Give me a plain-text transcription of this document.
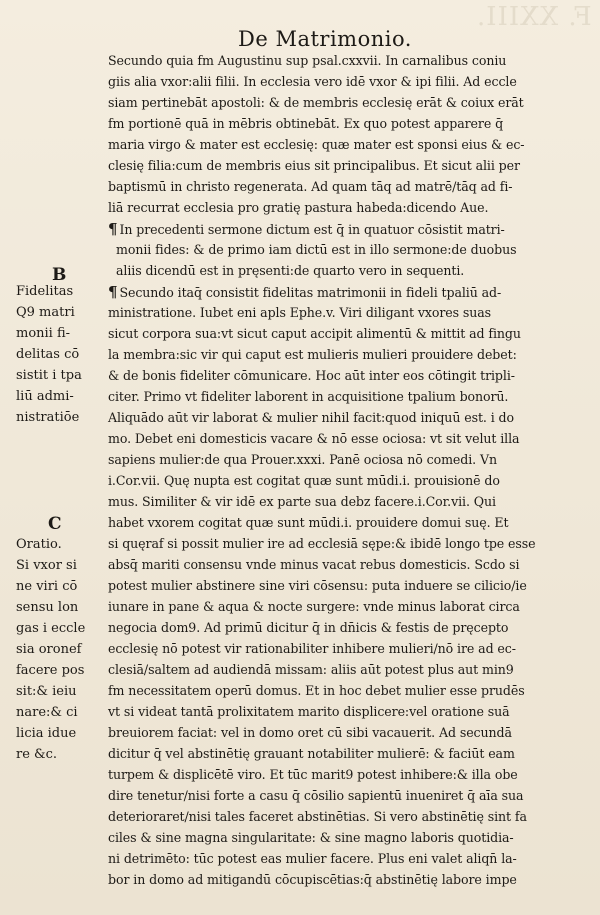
F. XXIII.
De Matrimonio.
Secundo quia fm Augustinu sup psal.cxxvii. In carnalibus coniu
giis alia vxor:alii filii. In ecclesia vero idē vxor & ipi filii. Ad eccle
siam pertinebāt apostoli: & de membris ecclesię erāt & coiux erāt
fm portionē quā in mēbris obtinebāt. Ex quo potest apparere q̄
maria virgo & mater est ecclesię: quæ mater est sponsi eius & ec-
clesię filia:cum de membris eius sit principalibus. Et sicut alii per
baptismū in christo regenerata. Ad quam tāq ad matrē/tāq ad fi-
liā recurrat ecclesia pro gratię pastura habeda:dicendo Aue.
¶ In precedenti sermone dictum est q̄ in quatuor cōsistit matri-
monii fides: & de primo iam dictū est in illo sermone:de duobus
aliis dicendū est in pręsenti:de quarto vero in sequenti.
¶ Secundo itaq̄ consistit fidelitas matrimonii in fideli tpaliū ad-
ministratione. Iubet eni apls Ephe.v. Viri diligant vxores suas
sicut corpora sua:vt sicut caput accipit alimentū & mittit ad fingu
la membra:sic vir qui caput est mulieris mulieri prouidere debet:
& de bonis fideliter cōmunicare. Hoc aūt inter eos cōtingit tripli-
citer. Primo vt fideliter laborent in acquisitione tpalium bonorū.
Aliquādo aūt vir laborat & mulier nihil facit:quod iniquū est. i do
mo. Debet eni domesticis vacare & nō esse ociosa: vt sit velut illa
sapiens mulier:de qua Prouer.xxxi. Panē ociosa nō comedi. Vn
i.Cor.vii. Quę nupta est cogitat quæ sunt mūdi.i. prouisionē do
mus. Similiter & vir idē ex parte sua debz facere.i.Cor.vii. Qui
habet vxorem cogitat quæ sunt mūdi.i. prouidere domui suę. Et
si quęraf si possit mulier ire ad ecclesiā sępe:& ibidē longo tpe esse
absq̄ mariti consensu vnde minus vacat rebus domesticis. Scdo si
potest mulier abstinere sine viri cōsensu: puta induere se cilicio/ie
iunare in pane & aqua & nocte surgere: vnde minus laborat circa
negocia dom9. Ad primū dicitur q̄ in dn̄icis & festis de pręcepto
ecclesię nō potest vir rationabiliter inhibere mulieri/nō ire ad ec-
clesiā/saltem ad audiendā missam: aliis aūt potest plus aut min9
fm necessitatem operū domus. Et in hoc debet mulier esse prudēs
vt si videat tantā prolixitatem marito displicere:vel oratione suā
breuiorem faciat: vel in domo oret cū sibi vacauerit. Ad secundā
dicitur q̄ vel abstinētię grauant notabiliter mulierē: & faciūt eam
turpem & displicētē viro. Et tūc marit9 potest inhibere:& illa obe
dire tenetur/nisi forte a casu q̄ cōsilio sapientū inueniret q̄ aīa sua
deterioraret/nisi tales faceret abstinētias. Si vero abstinētię sint fa
ciles & sine magna singularitate: & sine magno laboris quotidia-
ni detrimēto: tūc potest eas mulier facere. Plus eni valet aliqn̄ la-
bor in domo ad mitigandū cōcupiscētias:q̄ abstinētię labore impe
B
Fidelitas
Q9 matri
monii fi-
delitas cō
sistit i tpa
liū admi-
nistratiōe
C
Oratio.
Si vxor si
ne viri cō
sensu lon
gas i eccle
sia oronef
facere pos
sit:& ieiu
nare:& ci
licia idue
re &c.
